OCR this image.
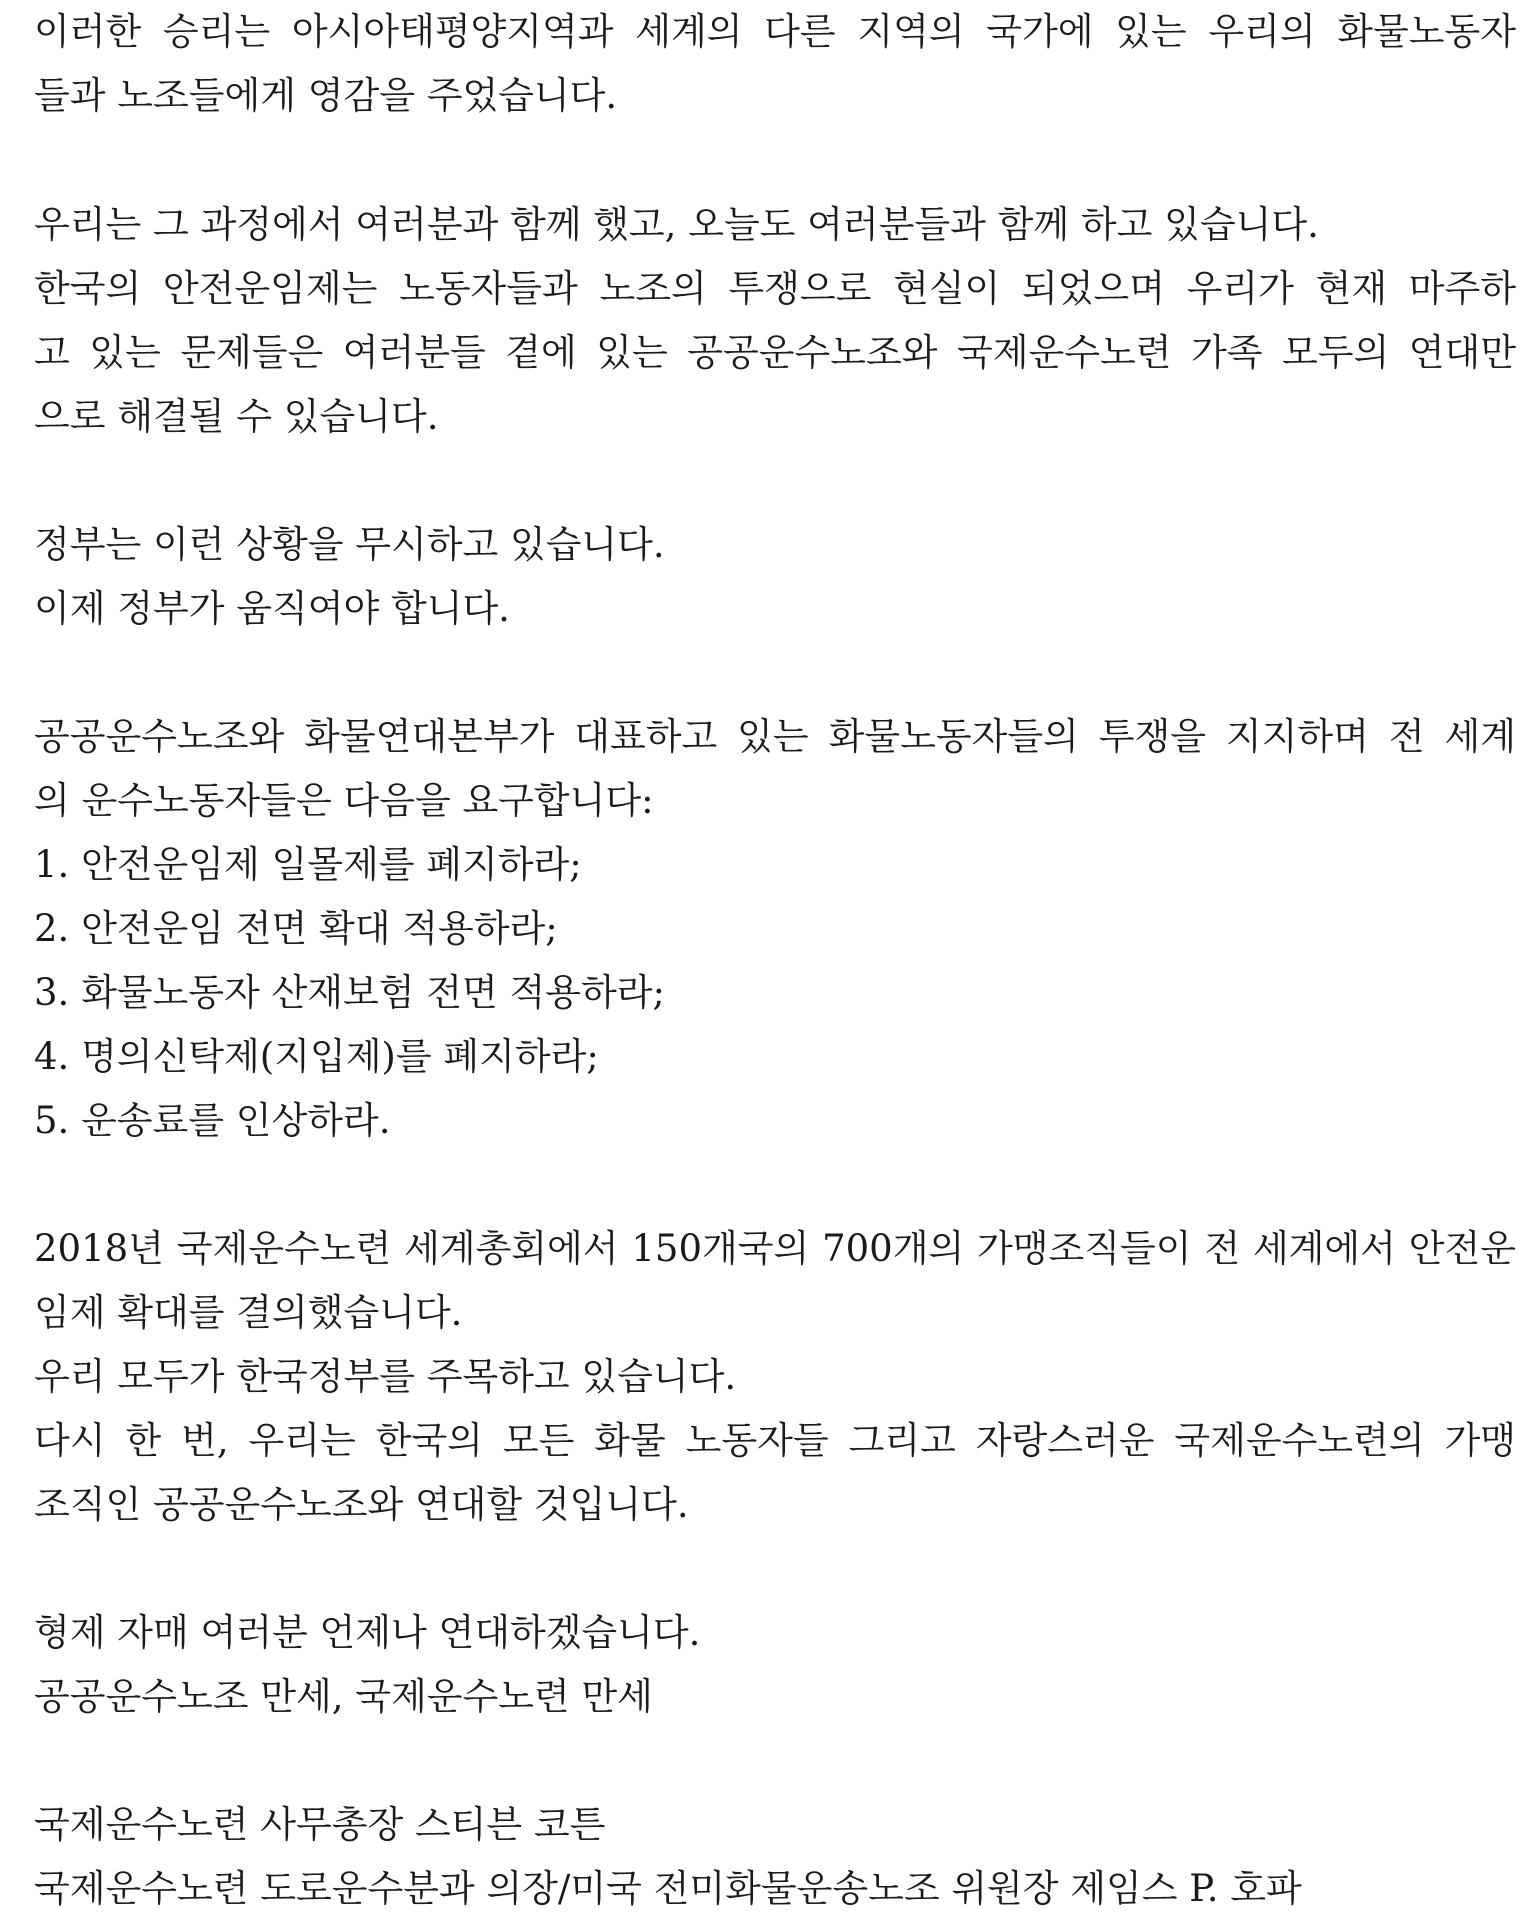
이러한 승리는 아시아태평양지역과 세계의 다른 지역의 국가에 있는 우리의 화물노동자
들과 노조들에게 영감을 주었습니다.
우리는 그 과정에서 여러분과 함께 했고, 오늘도 여러분들과 함께 하고 있습니다.
한국의 안전운임제는 노동자들과 노조의 투쟁으로 현실이 되었으며 우리가 현재 마주하
고 있는 문제들은 여러분들 곁에 있는 공공운수노조와 국제운수노련 가족 모두의 연대만
으로 해결될 수 있습니다.
정부는 이런 상황을 무시하고 있습니다.
이제 정부가 움직여야 합니다.
공공운수노조와 화물연대본부가 대표하고 있는 화물노동자들의 투쟁을 지지하며 전 세계
의 운수노동자들은 다음을 요구합니다:
1. 안전운임제 일몰제를 폐지하라;
2. 안전운임 전면 확대 적용하라;
3. 화물노동자 산재보험 전면 적용하라;
4. 명의신탁제(지입제)를 폐지하라;
5. 운송료를 인상하라.
2018년 국제운수노련 세계총회에서 150개국의 700개의 가맹조직들이 전 세계에서 안전운
임제 확대를 결의했습니다.
우리 모두가 한국정부를 주목하고 있습니다.
다시 한 번, 우리는 한국의 모든 화물 노동자들 그리고 자랑스러운 국제운수노련의 가맹
조직인 공공운수노조와 연대할 것입니다.
형제 자매 여러분 언제나 연대하겠습니다.
공공운수노조 만세, 국제운수노련 만세
국제운수노련 사무총장 스티븐 코튼
국제운수노련 도로운수분과 의장/미국 전미화물운송노조 위원장 제임스 P. 호파
